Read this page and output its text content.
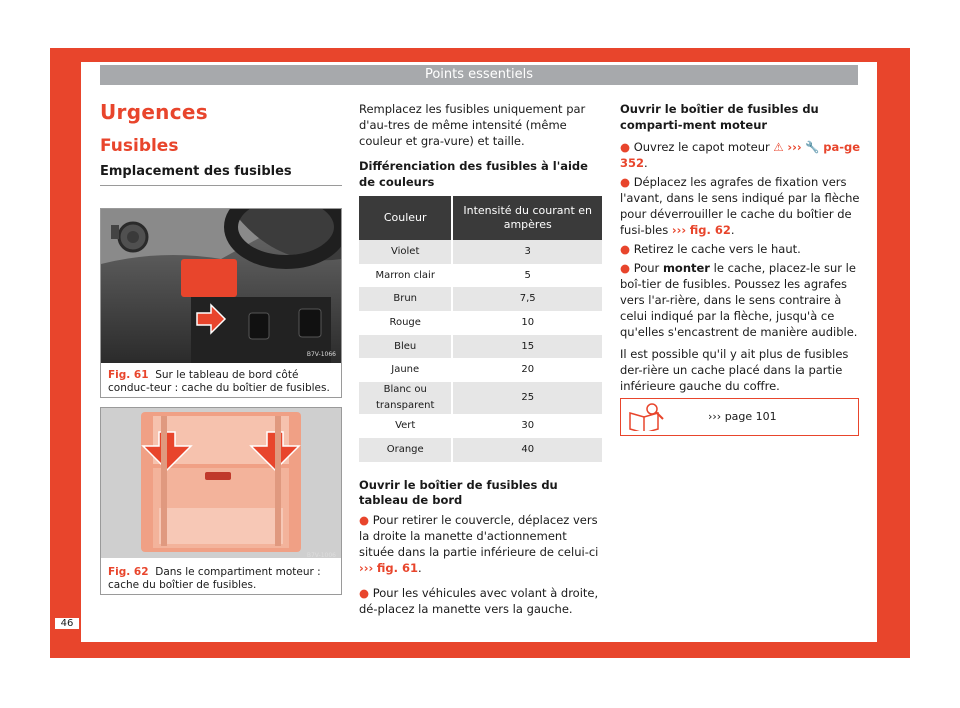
Points essentiels
Urgences
Fusibles
Emplacement des fusibles
B7V-1066
Fig. 61 Sur le tableau de bord côté conduc-teur : cache du boîtier de fusibles.
B7V-1006
Fig. 62 Dans le compartiment moteur : cache du boîtier de fusibles.

Remplacez les fusibles uniquement par d'au-tres de même intensité (même couleur et gra-vure) et taille.

Différenciation des fusibles à l'aide de couleurs
Couleur	Intensité du courant en ampères
Violet	3
Marron clair	5
Brun	7,5
Rouge	10
Bleu	15
Jaune	20
Blanc ou transparent	25
Vert	30
Orange	40
Ouvrir le boîtier de fusibles du tableau de bord

● Pour retirer le couvercle, déplacez vers la droite la manette d'actionnement située dans la partie inférieure de celui-ci ››› fig. 61.

● Pour les véhicules avec volant à droite, dé-placez la manette vers la gauche.

Ouvrir le boîtier de fusibles du comparti-ment moteur

● Ouvrez le capot moteur ⚠ ››› 🔧 pa-ge 352.

● Déplacez les agrafes de fixation vers l'avant, dans le sens indiqué par la flèche pour déverrouiller le cache du boîtier de fusi-bles ››› fig. 62.

● Retirez le cache vers le haut.

● Pour monter le cache, placez-le sur le boî-tier de fusibles. Poussez les agrafes vers l'ar-rière, dans le sens contraire à celui indiqué par la flèche, jusqu'à ce qu'elles s'encastrent de manière audible.

Il est possible qu'il y ait plus de fusibles der-rière un cache placé dans la partie inférieure gauche du coffre.

››› page 101
46
